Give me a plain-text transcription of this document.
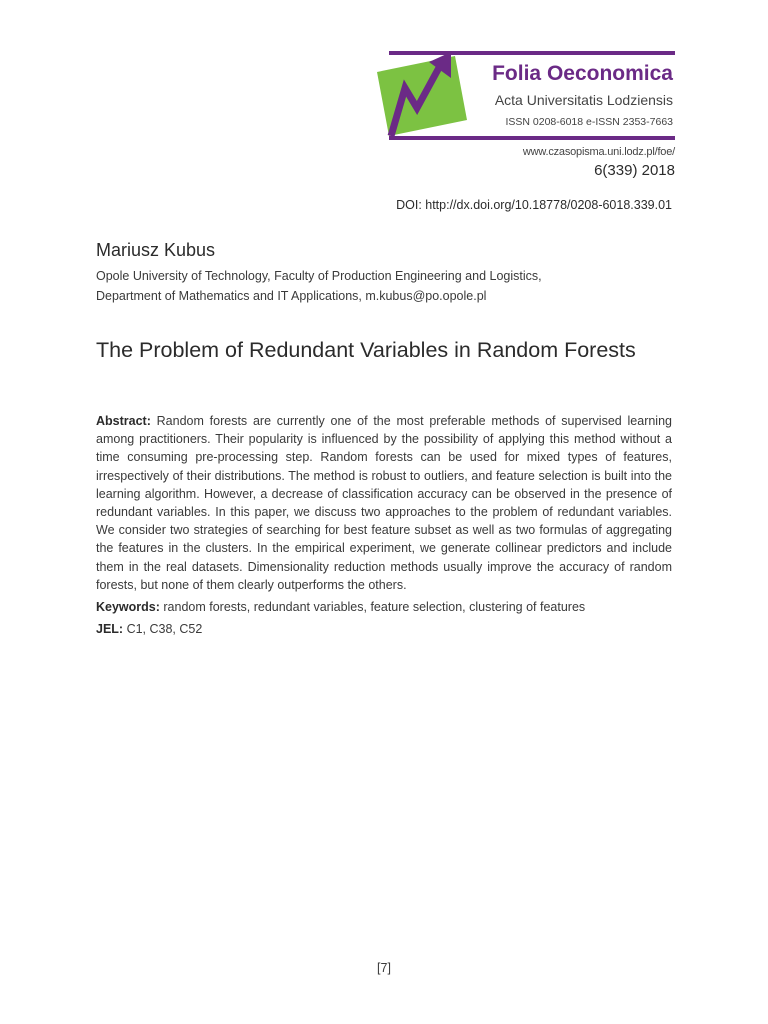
Folia Oeconomica
Acta Universitatis Lodziensis
ISSN 0208-6018 e-ISSN 2353-7663
www.czasopisma.uni.lodz.pl/foe/
6(339) 2018
DOI: http://dx.doi.org/10.18778/0208-6018.339.01
Mariusz Kubus
Opole University of Technology, Faculty of Production Engineering and Logistics,
Department of Mathematics and IT Applications, m.kubus@po.opole.pl
The Problem of Redundant Variables in Random Forests
Abstract: Random forests are currently one of the most preferable methods of supervised learning among practitioners. Their popularity is influenced by the possibility of applying this method without a time consuming pre-processing step. Random forests can be used for mixed types of features, irrespectively of their distributions. The method is robust to outliers, and feature selection is built into the learning algorithm. However, a decrease of classification accuracy can be observed in the presence of redundant variables. In this paper, we discuss two approaches to the problem of redundant variables. We consider two strategies of searching for best feature subset as well as two formulas of aggregating the features in the clusters. In the empirical experiment, we generate collinear predictors and include them in the real datasets. Dimensionality reduction methods usually improve the accuracy of random forests, but none of them clearly outperforms the others.
Keywords: random forests, redundant variables, feature selection, clustering of features
JEL: C1, C38, C52
[7]
